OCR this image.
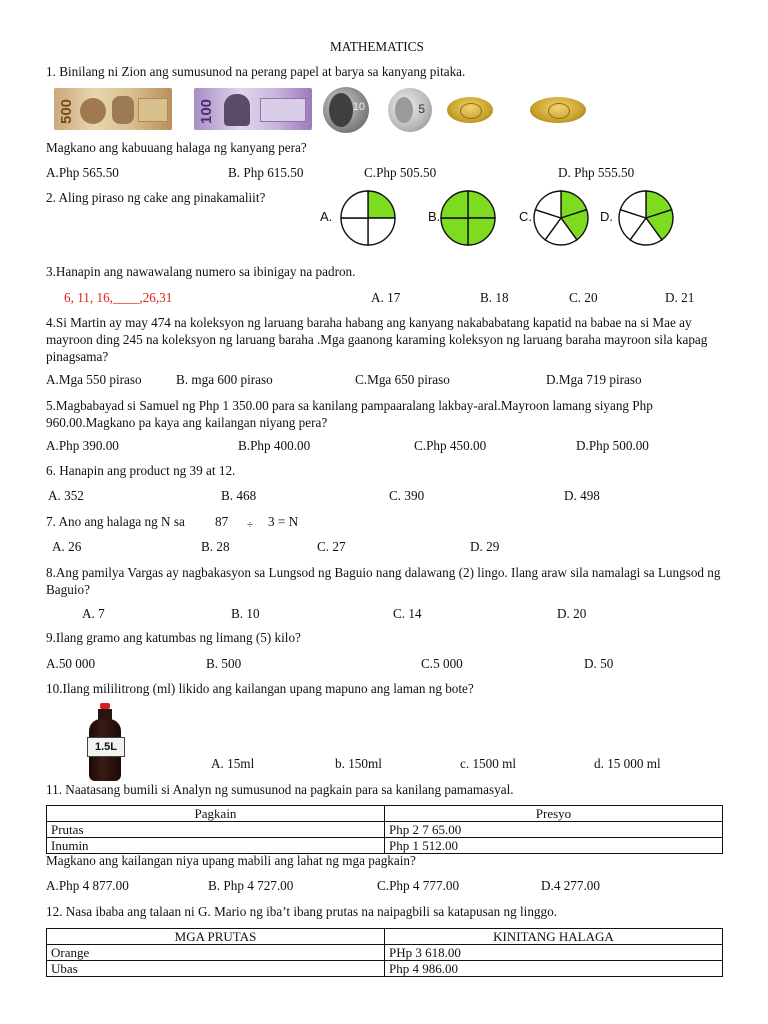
MATHEMATICS
1. Binilang ni Zion ang sumusunod na perang papel at barya sa kanyang pitaka.
500	100	10	5
Magkano ang kabuuang halaga ng kanyang pera?
A.Php 565.50	B. Php 615.50	C.Php 505.50	D. Php 555.50
2. Aling piraso ng cake ang pinakamaliit?
A.	B.	C.	D.
3.Hanapin ang nawawalang numero sa ibinigay na padron.
6, 11, 16,____,26,31	A. 17	B. 18	C. 20	D. 21
4.Si Martin ay may 474 na koleksyon ng laruang baraha habang ang kanyang nakababatang kapatid na babae na si Mae ay mayroon ding 245 na koleksyon ng laruang baraha .Mga gaanong karaming koleksyon ng laruang baraha mayroon sila kapag pinagsama?
A.Mga 550 piraso	B. mga 600 piraso	C.Mga 650 piraso	D.Mga 719 piraso
5.Magbabayad si Samuel ng Php 1 350.00 para sa kanilang pampaaralang lakbay-aral.Mayroon lamang siyang Php 960.00.Magkano pa kaya ang kailangan niyang pera?
A.Php 390.00	B.Php 400.00	C.Php 450.00	D.Php 500.00
6. Hanapin ang product ng 39 at 12.
A. 352	B. 468	C. 390	D. 498
7. Ano ang halaga ng N sa 87 ÷ 3 = N
A. 26	B. 28	C. 27	D. 29
8.Ang pamilya Vargas ay nagbakasyon sa Lungsod ng Baguio nang dalawang (2) lingo. Ilang araw sila namalagi sa Lungsod ng Baguio?
A. 7	B. 10	C. 14	D. 20
9.Ilang gramo ang katumbas ng limang (5) kilo?
A.50 000	B. 500	C.5 000	D. 50
10.Ilang mililitrong (ml) likido ang kailangan upang mapuno ang laman ng bote?
1.5L
A. 15ml	b. 150ml	c. 1500 ml	d. 15 000 ml
11. Naatasang bumili si Analyn ng sumusunod na pagkain para sa kanilang pamamasyal.
Pagkain	Presyo
Prutas	Php 2 7 65.00
Inumin	Php 1 512.00
Magkano ang kailangan niya upang mabili ang lahat ng mga pagkain?
A.Php 4 877.00	B. Php 4 727.00	C.Php 4 777.00	D.4 277.00
12. Nasa ibaba ang talaan ni G. Mario ng iba’t ibang prutas na naipagbili sa katapusan ng linggo.
MGA PRUTAS	KINITANG HALAGA
Orange	PHp 3 618.00
Ubas	Php 4 986.00
